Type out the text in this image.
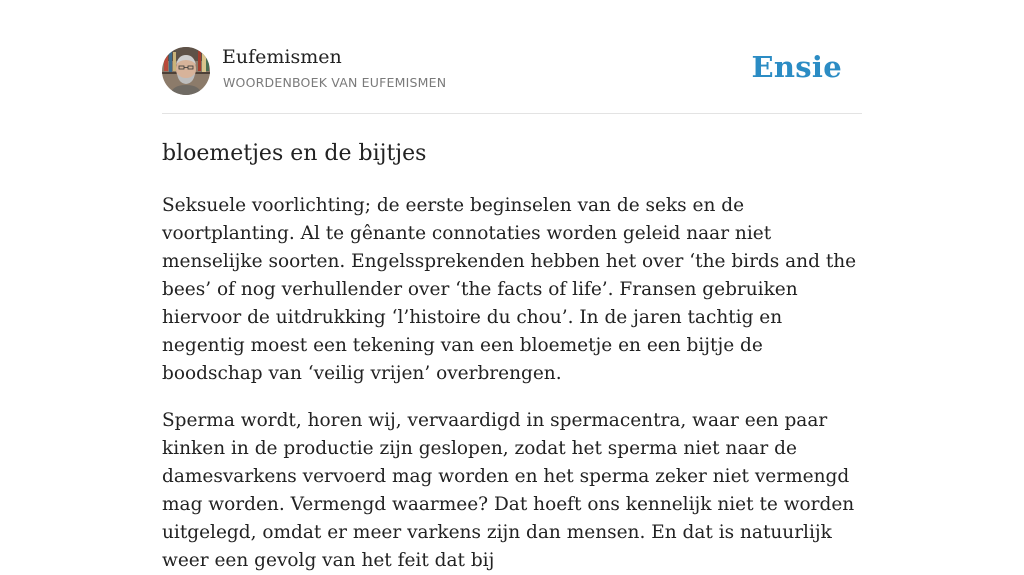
Eufemismen
WOORDENBOEK VAN EUFEMISMEN	Ensie
bloemetjes en de bijtjes

Seksuele voorlichting; de eerste beginselen van de seks en de voortplanting. Al te gênante connotaties worden geleid naar niet menselijke soorten. Engelssprekenden hebben het over ‘the birds and the bees’ of nog verhullender over ‘the facts of life’. Fransen gebruiken hiervoor de uitdrukking ‘l’histoire du chou’. In de jaren tachtig en negentig moest een tekening van een bloemetje en een bijtje de boodschap van ‘veilig vrijen’ overbrengen.

Sperma wordt, horen wij, vervaardigd in spermacentra, waar een paar kinken in de productie zijn geslopen, zodat het sperma niet naar de damesvarkens vervoerd mag worden en het sperma zeker niet vermengd mag worden. Vermengd waarmee? Dat hoeft ons kennelijk niet te worden uitgelegd, omdat er meer varkens zijn dan mensen. En dat is natuurlijk weer een gevolg van het feit dat bij
